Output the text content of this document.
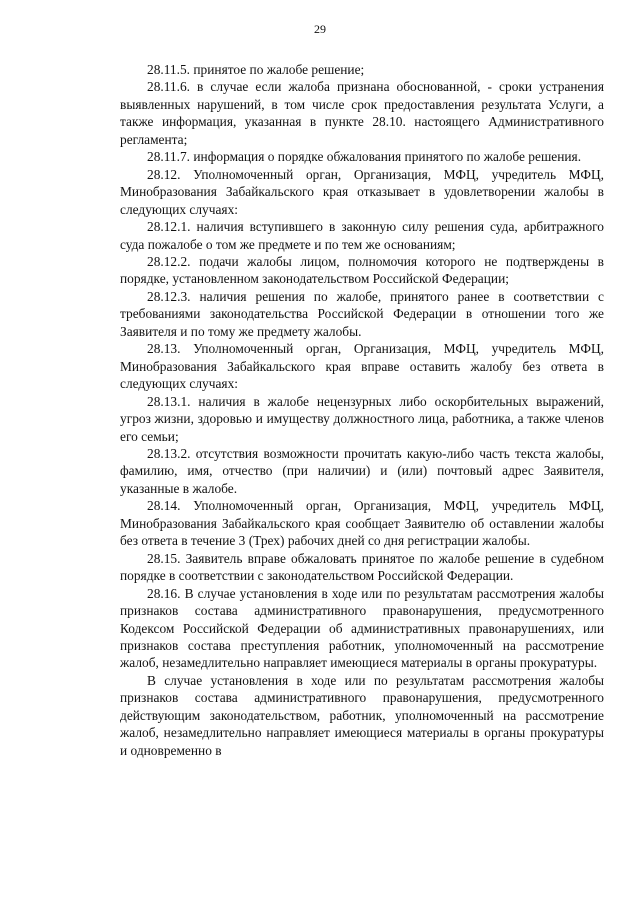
29

28.11.5. принятое по жалобе решение;

28.11.6. в случае если жалоба признана обоснованной, - сроки устранения выявленных нарушений, в том числе срок предоставления результата Услуги, а также информация, указанная в пункте 28.10. настоящего Административного регламента;

28.11.7. информация о порядке обжалования принятого по жалобе решения.

28.12. Уполномоченный орган, Организация, МФЦ, учредитель МФЦ, Минобразования Забайкальского края отказывает в удовлетворении жалобы в следующих случаях:

28.12.1. наличия вступившего в законную силу решения суда, арбитражного суда пожалобе о том же предмете и по тем же основаниям;

28.12.2. подачи жалобы лицом, полномочия которого не подтверждены в порядке, установленном законодательством Российской Федерации;

28.12.3. наличия решения по жалобе, принятого ранее в соответствии с требованиями законодательства Российской Федерации в отношении того же Заявителя и по тому же предмету жалобы.

28.13. Уполномоченный орган, Организация, МФЦ, учредитель МФЦ, Минобразования Забайкальского края вправе оставить жалобу без ответа в следующих случаях:

28.13.1. наличия в жалобе нецензурных либо оскорбительных выражений, угроз жизни, здоровью и имуществу должностного лица, работника, а также членов его семьи;

28.13.2. отсутствия возможности прочитать какую-либо часть текста жалобы, фамилию, имя, отчество (при наличии) и (или) почтовый адрес Заявителя, указанные в жалобе.

28.14. Уполномоченный орган, Организация, МФЦ, учредитель МФЦ, Минобразования Забайкальского края сообщает Заявителю об оставлении жалобы без ответа в течение 3 (Трех) рабочих дней со дня регистрации жалобы.

28.15. Заявитель вправе обжаловать принятое по жалобе решение в судебном порядке в соответствии с законодательством Российской Федерации.

28.16. В случае установления в ходе или по результатам рассмотрения жалобы признаков состава административного правонарушения, предусмотренного Кодексом Российской Федерации об административных правонарушениях, или признаков состава преступления работник, уполномоченный на рассмотрение жалоб, незамедлительно направляет имеющиеся материалы в органы прокуратуры.

В случае установления в ходе или по результатам рассмотрения жалобы признаков состава административного правонарушения, предусмотренного действующим законодательством, работник, уполномоченный на рассмотрение жалоб, незамедлительно направляет имеющиеся материалы в органы прокуратуры и одновременно в
